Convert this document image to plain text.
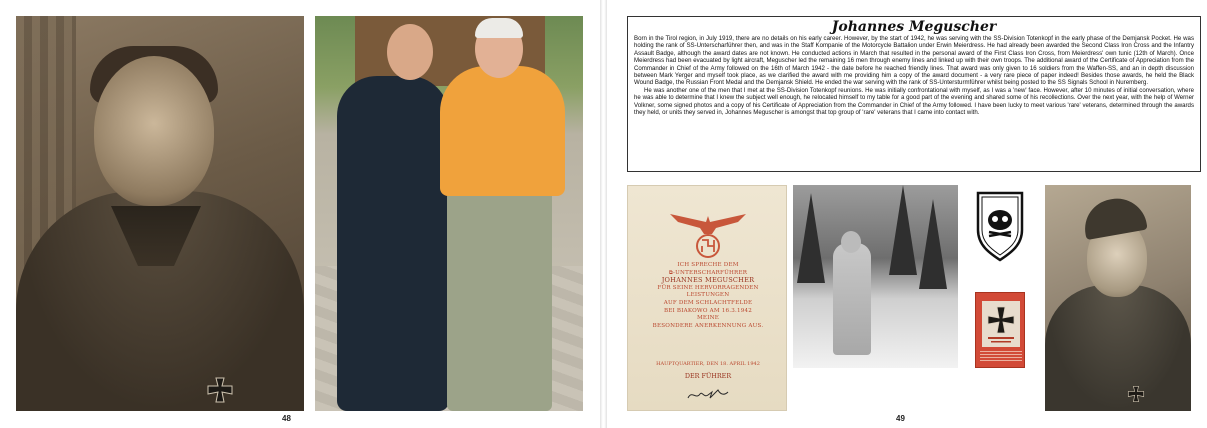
48
Johannes Meguscher

Born in the Tirol region, in July 1919, there are no details on his early career. However, by the start of 1942, he was serving with the SS-Division Totenkopf in the early phase of the Demjansk Pocket. He was holding the rank of SS-Unterscharführer then, and was in the Staff Kompanie of the Motorcycle Battalion under Erwin Meierdress. He had already been awarded the Second Class Iron Cross and the Infantry Assault Badge, although the award dates are not known. He conducted actions in March that resulted in the personal award of the First Class Iron Cross, from Meierdress' own tunic (12th of March). Once Meierdress had been evacuated by light aircraft, Meguscher led the remaining 16 men through enemy lines and linked up with their own troops. The additional award of the Certificate of Appreciation from the Commander in Chief of the Army followed on the 16th of March 1942 - the date before he reached friendly lines. That award was only given to 16 soldiers from the Waffen-SS, and an in depth discussion between Mark Yerger and myself took place, as we clarified the award with me providing him a copy of the award document - a very rare piece of paper indeed! Besides those awards, he held the Black Wound Badge, the Russian Front Medal and the Demjansk Shield. He ended the war serving with the rank of SS-Untersturmführer whilst being posted to the SS Signals School in Nuremberg.

He was another one of the men that I met at the SS-Division Totenkopf reunions. He was initially confrontational with myself, as I was a 'new' face. However, after 10 minutes of initial conversation, where he was able to determine that I knew the subject well enough, he relocated himself to my table for a good part of the evening and shared some of his recollections. Over the next year, with the help of Werner Volkner, some signed photos and a copy of his Certificate of Appreciation from the Commander in Chief of the Army followed. I have been lucky to meet various 'rare' veterans, determined through the awards they held, or units they served in, Johannes Meguscher is amongst that top group of 'rare' veterans that I came into contact with.

ICH SPRECHE DEM
⧉-UNTERSCHARFÜHRER
JOHANNES MEGUSCHER
FÜR SEINE HERVORRAGENDEN
LEISTUNGEN
AUF DEM SCHLACHTFELDE
BEI BIAKOWO AM 16.3.1942
MEINE
BESONDERE ANERKENNUNG AUS.
HAUPTQUARTIER, DEN 18. APRIL 1942
DER FÜHRER
49
